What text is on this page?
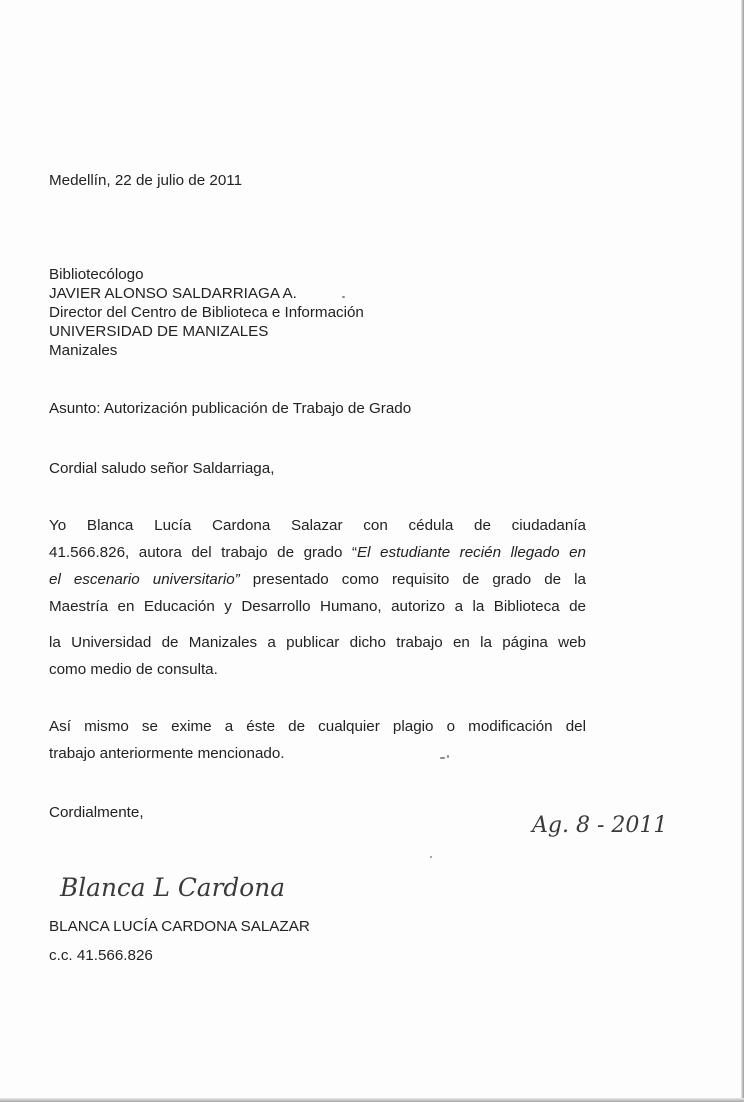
Medellín, 22 de julio de 2011
Bibliotecólogo
JAVIER ALONSO SALDARRIAGA A.
Director del Centro de Biblioteca e Información
UNIVERSIDAD DE MANIZALES
Manizales
Asunto: Autorización publicación de Trabajo de Grado
Cordial saludo señor Saldarriaga,
Yo Blanca Lucía Cardona Salazar con cédula de ciudadanía
41.566.826, autora del trabajo de grado “El estudiante recién llegado en
el escenario universitario” presentado como requisito de grado de la
Maestría en Educación y Desarrollo Humano, autorizo a la Biblioteca de
la Universidad de Manizales a publicar dicho trabajo en la página web
como medio de consulta.
Así mismo se exime a éste de cualquier plagio o modificación del
trabajo anteriormente mencionado.
Cordialmente,
Ag. 8 - 2011
Blanca L Cardona
BLANCA LUCÍA CARDONA SALAZAR
c.c. 41.566.826
